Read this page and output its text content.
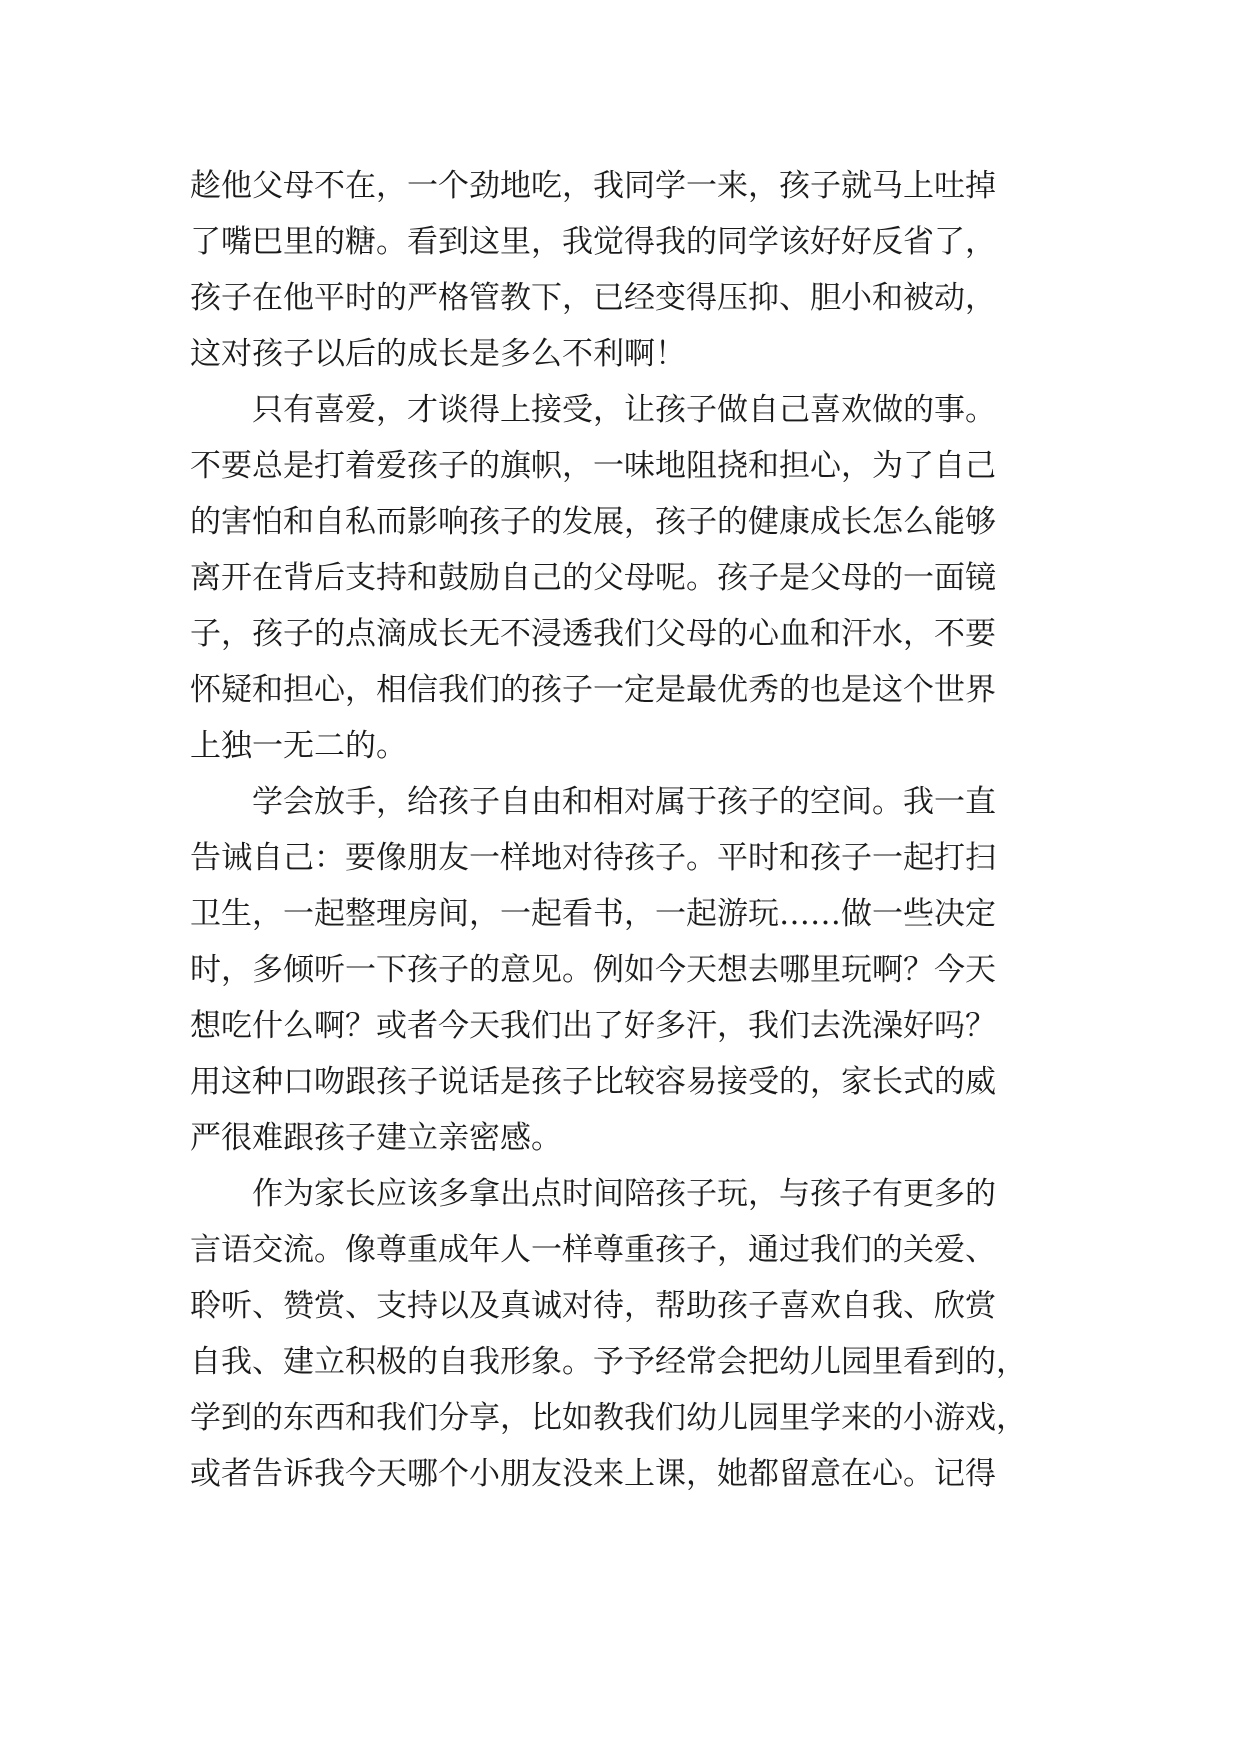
趁他父母不在，一个劲地吃，我同学一来，孩子就马上吐掉
了嘴巴里的糖。看到这里，我觉得我的同学该好好反省了，
孩子在他平时的严格管教下，已经变得压抑、胆小和被动，
这对孩子以后的成长是多么不利啊！
　　只有喜爱，才谈得上接受，让孩子做自己喜欢做的事。
不要总是打着爱孩子的旗帜，一味地阻挠和担心，为了自己
的害怕和自私而影响孩子的发展，孩子的健康成长怎么能够
离开在背后支持和鼓励自己的父母呢。孩子是父母的一面镜
子，孩子的点滴成长无不浸透我们父母的心血和汗水，不要
怀疑和担心，相信我们的孩子一定是最优秀的也是这个世界
上独一无二的。
　　学会放手，给孩子自由和相对属于孩子的空间。我一直
告诫自己：要像朋友一样地对待孩子。平时和孩子一起打扫
卫生，一起整理房间，一起看书，一起游玩……做一些决定
时，多倾听一下孩子的意见。例如今天想去哪里玩啊？今天
想吃什么啊？或者今天我们出了好多汗，我们去洗澡好吗？
用这种口吻跟孩子说话是孩子比较容易接受的，家长式的威
严很难跟孩子建立亲密感。
　　作为家长应该多拿出点时间陪孩子玩，与孩子有更多的
言语交流。像尊重成年人一样尊重孩子，通过我们的关爱、
聆听、赞赏、支持以及真诚对待，帮助孩子喜欢自我、欣赏
自我、建立积极的自我形象。予予经常会把幼儿园里看到的，
学到的东西和我们分享，比如教我们幼儿园里学来的小游戏，
或者告诉我今天哪个小朋友没来上课，她都留意在心。记得
